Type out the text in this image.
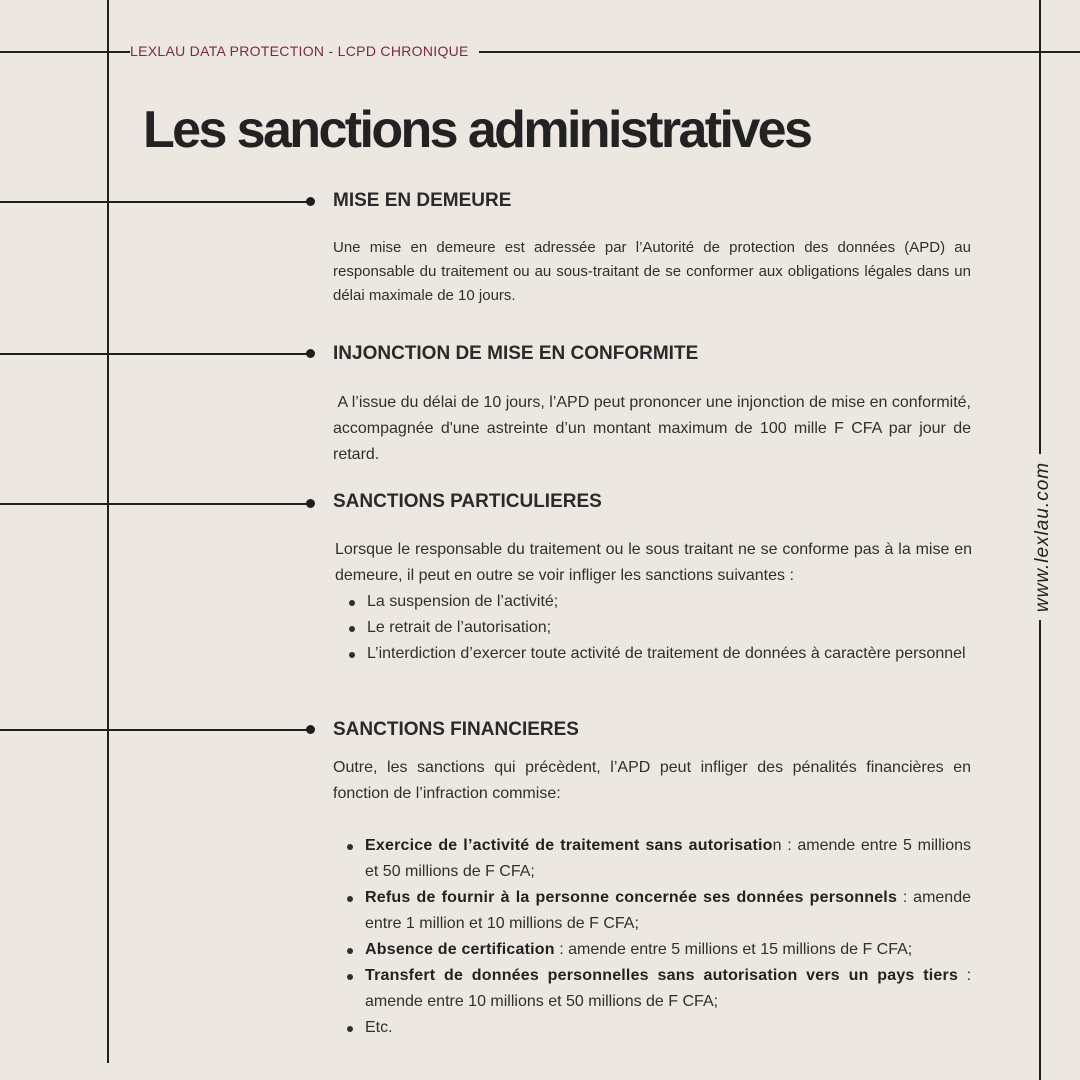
LEXLAU DATA PROTECTION - LCPD CHRONIQUE
Les sanctions administratives
MISE EN DEMEURE

Une mise en demeure est adressée par l’Autorité de protection des données (APD) au responsable du traitement ou au sous-traitant de se conformer aux obligations légales dans un délai maximale de 10 jours.

INJONCTION DE MISE EN CONFORMITE

A l’issue du délai de 10 jours, l’APD peut prononcer une injonction de mise en conformité, accompagnée d'une astreinte d’un montant maximum de 100 mille F CFA par jour de retard.

SANCTIONS PARTICULIERES

Lorsque le responsable du traitement ou le sous traitant ne se conforme pas à la mise en demeure, il peut en outre se voir infliger les sanctions suivantes :

La suspension de l’activité;
Le retrait de l’autorisation;
L’interdiction d’exercer toute activité de traitement de données à caractère personnel
SANCTIONS FINANCIERES

Outre, les sanctions qui précèdent, l’APD peut infliger des pénalités financières en fonction de l’infraction commise:

Exercice de l’activité de traitement sans autorisation : amende entre 5 millions et 50 millions de F CFA;
Refus de fournir à la personne concernée ses données personnels : amende entre 1 million et 10 millions de F CFA;
Absence de certification : amende entre 5 millions et 15 millions de F CFA;
Transfert de données personnelles sans autorisation vers un pays tiers : amende entre 10 millions et 50 millions de F CFA;
Etc.
www.lexlau.com
